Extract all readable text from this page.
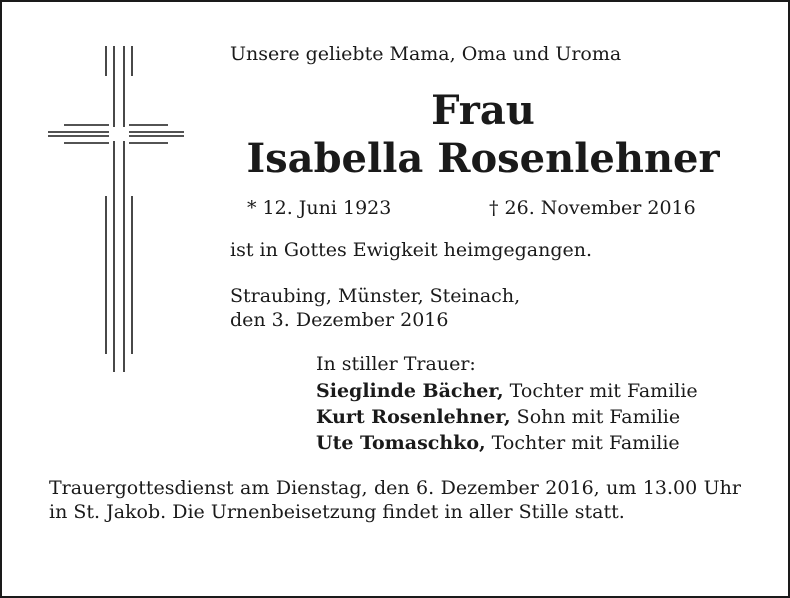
Unsere geliebte Mama, Oma und Uroma
Frau
Isabella Rosenlehner
* 12. Juni 1923	† 26. November 2016
ist in Gottes Ewigkeit heimgegangen.
Straubing, Münster, Steinach,
den 3. Dezember 2016
In stiller Trauer:
Sieglinde Bächer, Tochter mit Familie
Kurt Rosenlehner, Sohn mit Familie
Ute Tomaschko, Tochter mit Familie
Trauergottesdienst am Dienstag, den 6. Dezember 2016, um 13.00 Uhr in St. Jakob. Die Urnenbeisetzung findet in aller Stille statt.
